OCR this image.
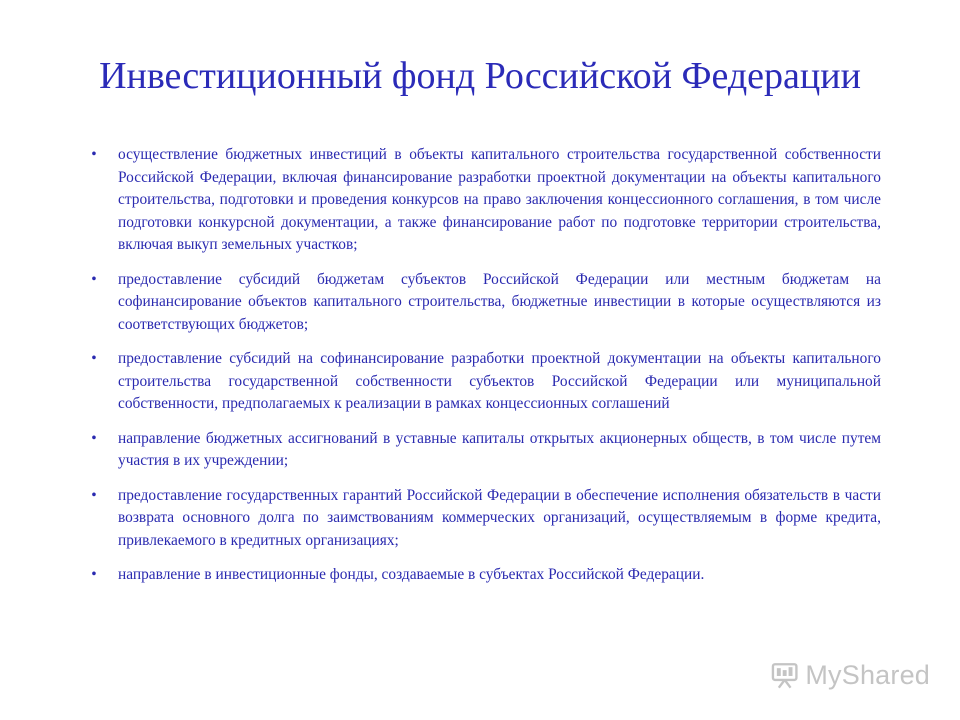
Инвестиционный фонд Российской Федерации
• осуществление бюджетных инвестиций в объекты капитального строительства государственной собственности Российской Федерации, включая финансирование разработки проектной документации на объекты капитального строительства, подготовки и проведения конкурсов на право заключения концессионного соглашения, в том числе подготовки конкурсной документации, а также финансирование работ по подготовке территории строительства, включая выкуп земельных участков;
• предоставление субсидий бюджетам субъектов Российской Федерации или местным бюджетам на софинансирование объектов капитального строительства, бюджетные инвестиции в которые осуществляются из соответствующих бюджетов;
• предоставление субсидий на софинансирование разработки проектной документации на объекты капитального строительства государственной собственности субъектов Российской Федерации или муниципальной собственности, предполагаемых к реализации в рамках концессионных соглашений
• направление бюджетных ассигнований в уставные капиталы открытых акционерных обществ, в том числе путем участия в их учреждении;
• предоставление государственных гарантий Российской Федерации в обеспечение исполнения обязательств в части возврата основного долга по заимствованиям коммерческих организаций, осуществляемым в форме кредита, привлекаемого в кредитных организациях;
• направление в инвестиционные фонды, создаваемые в субъектах Российской Федерации.
MyShared
